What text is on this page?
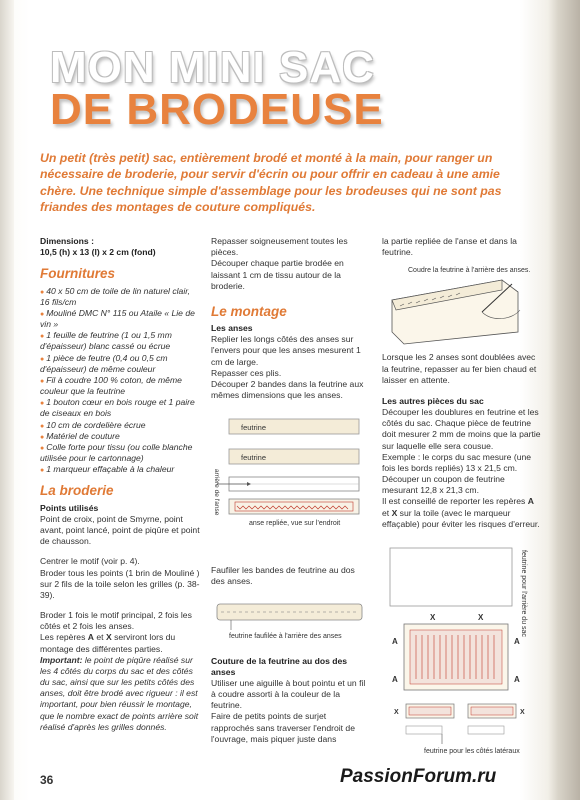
MON MINI SAC
DE BRODEUSE
Un petit (très petit) sac, entièrement brodé et monté à la main, pour ranger un nécessaire de broderie, pour servir d'écrin ou pour offrir en cadeau à une amie chère. Une technique simple d'assemblage pour les brodeuses qui ne sont pas friandes des montages de couture compliqués.

Dimensions :

10,5 (h) x 13 (l) x 2 cm (fond)

Fournitures

● 40 x 50 cm de toile de lin naturel clair, 16 fils/cm

● Mouliné DMC N° 115 ou Ataile « Lie de vin »

● 1 feuille de feutrine (1 ou 1,5 mm d'épaisseur) blanc cassé ou écrue

● 1 pièce de feutre (0,4 ou 0,5 cm d'épaisseur) de même couleur

● Fil à coudre 100 % coton, de même couleur que la feutrine

● 1 bouton cœur en bois rouge et 1 paire de ciseaux en bois

● 10 cm de cordelière écrue

● Matériel de couture

● Colle forte pour tissu (ou colle blanche utilisée pour le cartonnage)

● 1 marqueur effaçable à la chaleur

La broderie

Points utilisés

Point de croix, point de Smyrne, point avant, point lancé, point de piqûre et point de chausson.

Centrer le motif (voir p. 4).

Broder tous les points (1 brin de Mouliné ) sur 2 fils de la toile selon les grilles (p. 38-39).

Broder 1 fois le motif principal, 2 fois les côtés et 2 fois les anses.

Les repères A et X serviront lors du montage des différentes parties.

Important: le point de piqûre réalisé sur les 4 côtés du corps du sac et des côtés du sac, ainsi que sur les petits côtés des anses, doit être brodé avec rigueur : il est important, pour bien réussir le montage, que le nombre exact de points arrière soit réalisé d'après les grilles donnés.

Repasser soigneusement toutes les pièces.

Découper chaque partie brodée en laissant 1 cm de tissu autour de la broderie.

Le montage

Les anses

Replier les longs côtés des anses sur l'envers pour que les anses mesurent 1 cm de large.

Repasser ces plis.

Découper 2 bandes dans la feutrine aux mêmes dimensions que les anses.

feutrine
feutrine
arrière de l'anse
anse repliée, vue sur l'endroit

Faufiler les bandes de feutrine au dos des anses.

feutrine faufilée à l'arrière des anses

Couture de la feutrine au dos des anses

Utiliser une aiguille à bout pointu et un fil à coudre assorti à la couleur de la feutrine.

Faire de petits points de surjet rapprochés sans traverser l'endroit de l'ouvrage, mais piquer juste dans

la partie repliée de l'anse et dans la feutrine.

Coudre la feutrine à l'arrière des anses.

Lorsque les 2 anses sont doublées avec la feutrine, repasser au fer bien chaud et laisser en attente.

Les autres pièces du sac

Découper les doublures en feutrine et les côtés du sac. Chaque pièce de feutrine doit mesurer 2 mm de moins que la partie sur laquelle elle sera cousue.

Exemple : le corps du sac mesure (une fois les bords repliés) 13 x 21,5 cm.

Découper un coupon de feutrine mesurant 12,8 x 21,3 cm.

Il est conseillé de reporter les repères A et X sur la toile (avec le marqueur effaçable) pour éviter les risques d'erreur.

feutrine pour l'arrière du sac
X	X
A	A
A	A
X	X
feutrine pour les côtés latéraux
36	PassionForum.ru
